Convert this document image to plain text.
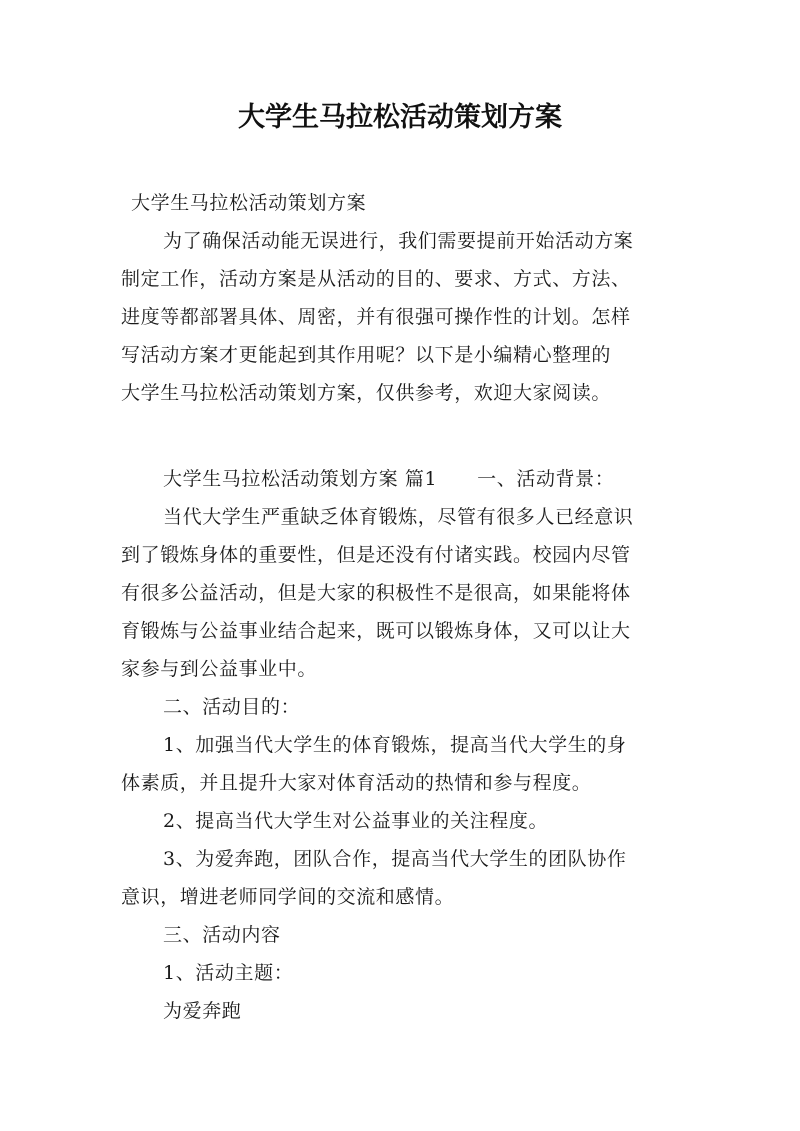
大学生马拉松活动策划方案

大学生马拉松活动策划方案

为了确保活动能无误进行，我们需要提前开始活动方案

制定工作，活动方案是从活动的目的、要求、方式、方法、

进度等都部署具体、周密，并有很强可操作性的计划。怎样

写活动方案才更能起到其作用呢？以下是小编精心整理的

大学生马拉松活动策划方案，仅供参考，欢迎大家阅读。

大学生马拉松活动策划方案 篇1 一、活动背景：

当代大学生严重缺乏体育锻炼，尽管有很多人已经意识

到了锻炼身体的重要性，但是还没有付诸实践。校园内尽管

有很多公益活动，但是大家的积极性不是很高，如果能将体

育锻炼与公益事业结合起来，既可以锻炼身体，又可以让大

家参与到公益事业中。

二、活动目的：

1、加强当代大学生的体育锻炼，提高当代大学生的身

体素质，并且提升大家对体育活动的热情和参与程度。

2、提高当代大学生对公益事业的关注程度。

3、为爱奔跑，团队合作，提高当代大学生的团队协作

意识，增进老师同学间的交流和感情。

三、活动内容

1、活动主题：

为爱奔跑
